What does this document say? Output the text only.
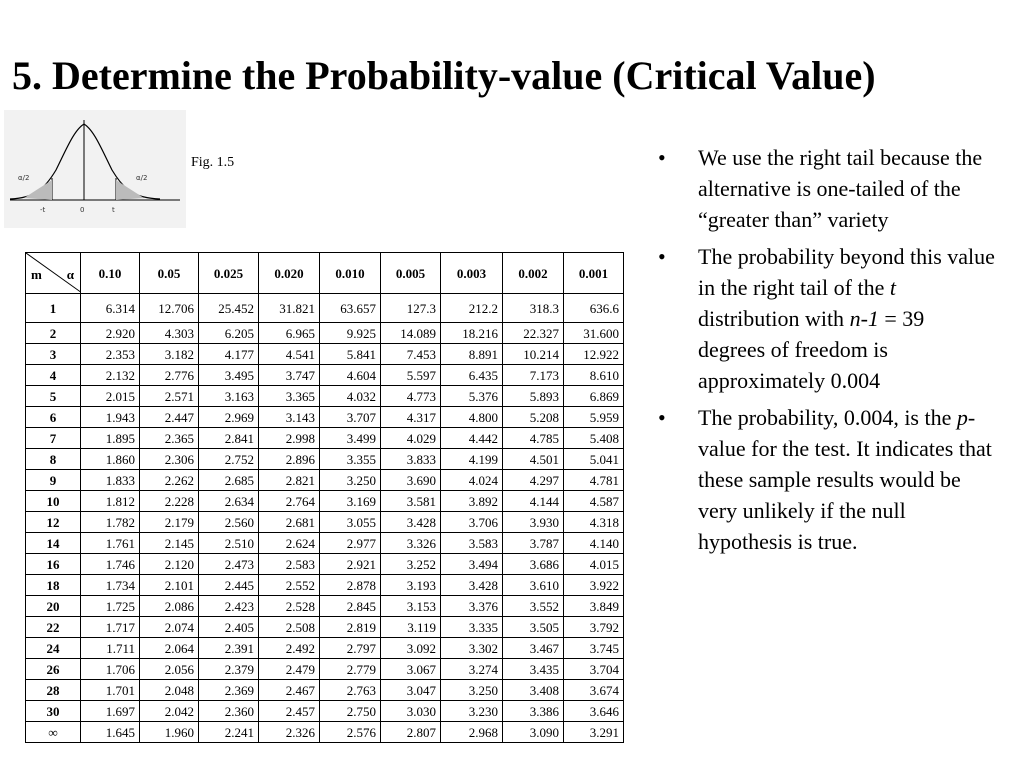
5. Determine the Probability-value (Critical Value)
α/2	α/2
0
-t	t
Fig. 1.5
m α	0.10	0.05	0.025	0.020	0.010	0.005	0.003	0.002	0.001
1	6.314	12.706	25.452	31.821	63.657	127.3	212.2	318.3	636.6
2	2.920	4.303	6.205	6.965	9.925	14.089	18.216	22.327	31.600
3	2.353	3.182	4.177	4.541	5.841	7.453	8.891	10.214	12.922
4	2.132	2.776	3.495	3.747	4.604	5.597	6.435	7.173	8.610
5	2.015	2.571	3.163	3.365	4.032	4.773	5.376	5.893	6.869
6	1.943	2.447	2.969	3.143	3.707	4.317	4.800	5.208	5.959
7	1.895	2.365	2.841	2.998	3.499	4.029	4.442	4.785	5.408
8	1.860	2.306	2.752	2.896	3.355	3.833	4.199	4.501	5.041
9	1.833	2.262	2.685	2.821	3.250	3.690	4.024	4.297	4.781
10	1.812	2.228	2.634	2.764	3.169	3.581	3.892	4.144	4.587
12	1.782	2.179	2.560	2.681	3.055	3.428	3.706	3.930	4.318
14	1.761	2.145	2.510	2.624	2.977	3.326	3.583	3.787	4.140
16	1.746	2.120	2.473	2.583	2.921	3.252	3.494	3.686	4.015
18	1.734	2.101	2.445	2.552	2.878	3.193	3.428	3.610	3.922
20	1.725	2.086	2.423	2.528	2.845	3.153	3.376	3.552	3.849
22	1.717	2.074	2.405	2.508	2.819	3.119	3.335	3.505	3.792
24	1.711	2.064	2.391	2.492	2.797	3.092	3.302	3.467	3.745
26	1.706	2.056	2.379	2.479	2.779	3.067	3.274	3.435	3.704
28	1.701	2.048	2.369	2.467	2.763	3.047	3.250	3.408	3.674
30	1.697	2.042	2.360	2.457	2.750	3.030	3.230	3.386	3.646
∞	1.645	1.960	2.241	2.326	2.576	2.807	2.968	3.090	3.291
• We use the right tail because the alternative is one-tailed of the “greater than” variety
• The probability beyond this value in the right tail of the t distribution with n-1 = 39 degrees of freedom is approximately 0.004
• The probability, 0.004, is the p-value for the test. It indicates that these sample results would be very unlikely if the null hypothesis is true.
